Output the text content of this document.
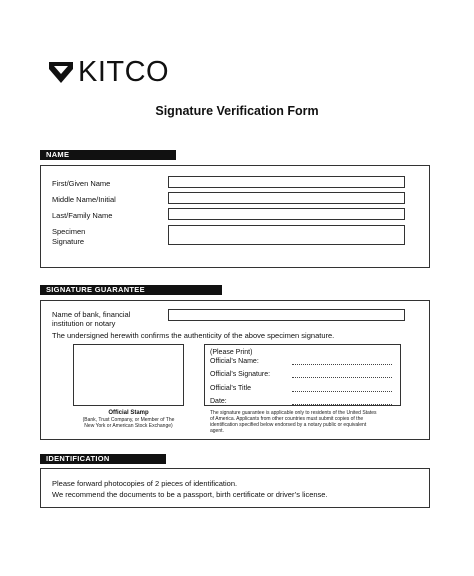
KITCO
Signature Verification Form
NAME
First/Given Name
Middle Name/Initial
Last/Family Name
Specimen
Signature
SIGNATURE GUARANTEE
Name of bank, financial
institution or notary
The undersigned herewith confirms the authenticity of the above specimen signature.
Official Stamp
(Bank, Trust Company, or Member of The
New York or American Stock Exchange)
(Please Print)
Official’s Name:
Official’s Signature:
Official’s Title
Date:
The signature guarantee is applicable only to residents of the United States
of America. Applicants from other countries must submit copies of the
identification specified below endorsed by a notary public or equivalent
agent.
IDENTIFICATION
Please forward photocopies of 2 pieces of identification.
We recommend the documents to be a passport, birth certificate or driver’s license.
